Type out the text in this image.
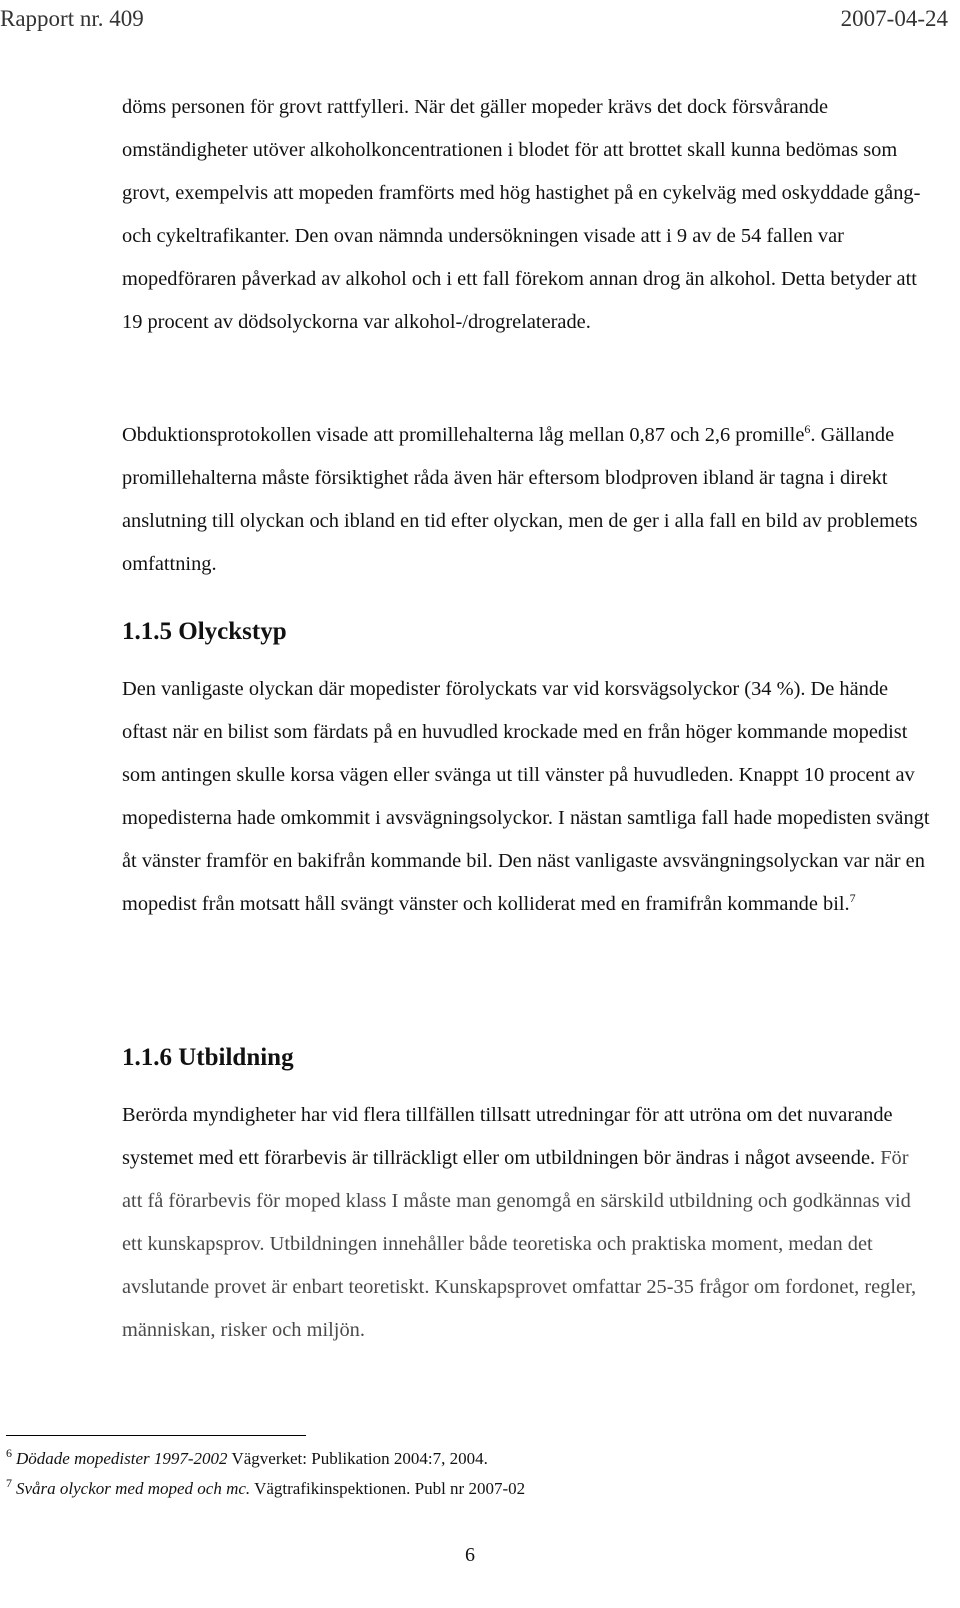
Rapport nr. 409	2007-04-24

döms personen för grovt rattfylleri. När det gäller mopeder krävs det dock försvårande omständigheter utöver alkoholkoncentrationen i blodet för att brottet skall kunna bedömas som grovt, exempelvis att mopeden framförts med hög hastighet på en cykelväg med oskyddade gång- och cykeltrafikanter. Den ovan nämnda undersökningen visade att i 9 av de 54 fallen var mopedföraren påverkad av alkohol och i ett fall förekom annan drog än alkohol. Detta betyder att 19 procent av dödsolyckorna var alkohol-/drogrelaterade.

Obduktionsprotokollen visade att promillehalterna låg mellan 0,87 och 2,6 promille$^6$. Gällande promillehalterna måste försiktighet råda även här eftersom blodproven ibland är tagna i direkt anslutning till olyckan och ibland en tid efter olyckan, men de ger i alla fall en bild av problemets omfattning.

1.1.5 Olyckstyp

Den vanligaste olyckan där mopedister förolyckats var vid korsvägsolyckor (34 %). De hände oftast när en bilist som färdats på en huvudled krockade med en från höger kommande mopedist som antingen skulle korsa vägen eller svänga ut till vänster på huvudleden. Knappt 10 procent av mopedisterna hade omkommit i avsvägningsolyckor. I nästan samtliga fall hade mopedisten svängt åt vänster framför en bakifrån kommande bil. Den näst vanligaste avsvängningsolyckan var när en mopedist från motsatt håll svängt vänster och kolliderat med en framifrån kommande bil.$^7$

1.1.6 Utbildning

Berörda myndigheter har vid flera tillfällen tillsatt utredningar för att utröna om det nuvarande systemet med ett förarbevis är tillräckligt eller om utbildningen bör ändras i något avseende. För att få förarbevis för moped klass I måste man genomgå en särskild utbildning och godkännas vid ett kunskapsprov. Utbildningen innehåller både teoretiska och praktiska moment, medan det avslutande provet är enbart teoretiskt. Kunskapsprovet omfattar 25-35 frågor om fordonet, regler, människan, risker och miljön.

$^6$ Dödade mopedister 1997-2002 Vägverket: Publikation 2004:7, 2004.
$^7$ Svåra olyckor med moped och mc. Vägtrafikinspektionen. Publ nr 2007-02
6
